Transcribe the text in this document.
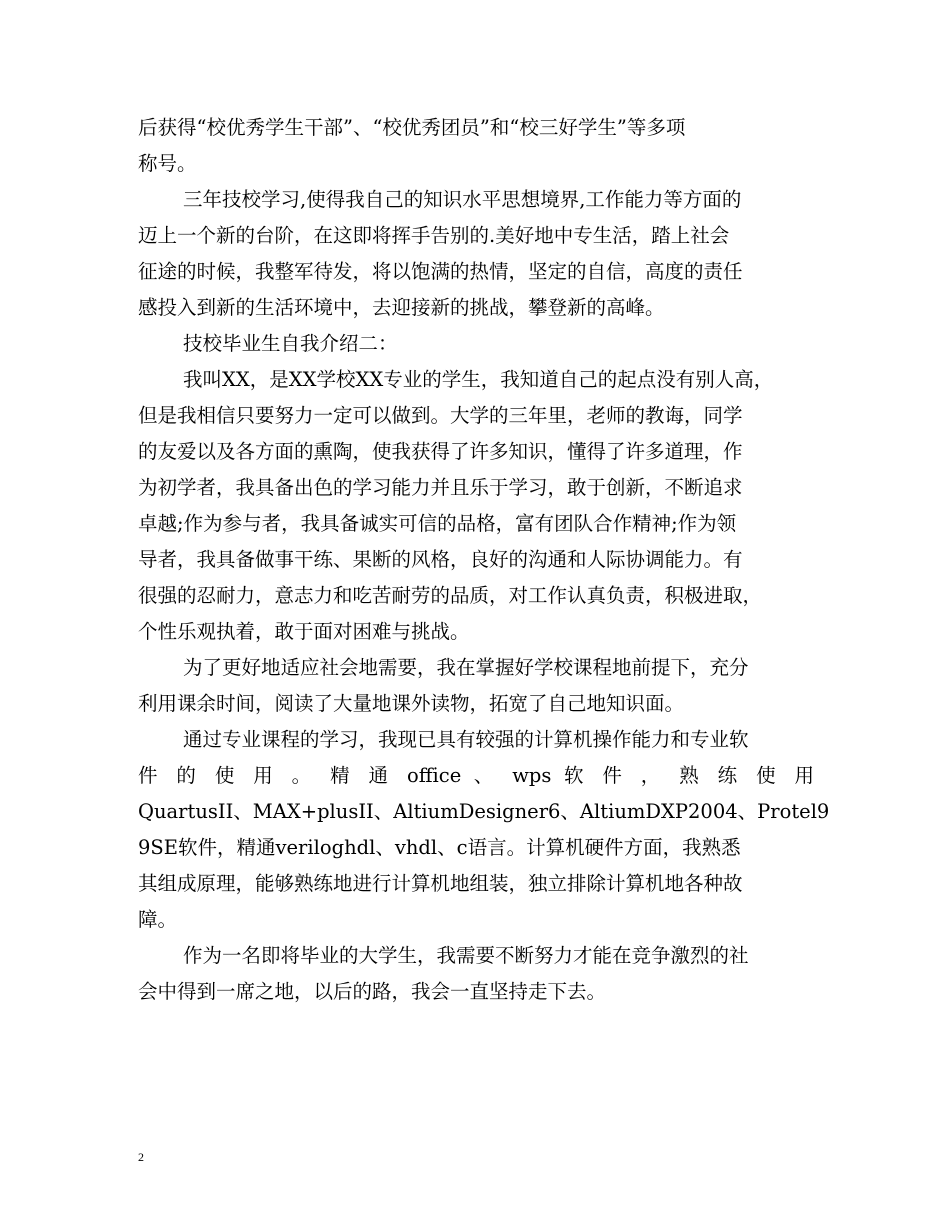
后获得“校优秀学生干部”、“校优秀团员”和“校三好学生”等多项
称号。
三年技校学习,使得我自己的知识水平思想境界,工作能力等方面的
迈上一个新的台阶，在这即将挥手告别的.美好地中专生活，踏上社会
征途的时候，我整军待发，将以饱满的热情，坚定的自信，高度的责任
感投入到新的生活环境中，去迎接新的挑战，攀登新的高峰。
技校毕业生自我介绍二：
我叫XX，是XX学校XX专业的学生，我知道自己的起点没有别人高，
但是我相信只要努力一定可以做到。大学的三年里，老师的教诲，同学
的友爱以及各方面的熏陶，使我获得了许多知识，懂得了许多道理，作
为初学者，我具备出色的学习能力并且乐于学习，敢于创新，不断追求
卓越;作为参与者，我具备诚实可信的品格，富有团队合作精神;作为领
导者，我具备做事干练、果断的风格，良好的沟通和人际协调能力。有
很强的忍耐力，意志力和吃苦耐劳的品质，对工作认真负责，积极进取，
个性乐观执着，敢于面对困难与挑战。
为了更好地适应社会地需要，我在掌握好学校课程地前提下，充分
利用课余时间，阅读了大量地课外读物，拓宽了自己地知识面。
通过专业课程的学习，我现已具有较强的计算机操作能力和专业软
件 的 使 用 。 精 通 office 、 wps 软 件 ， 熟 练 使 用
QuartusII、MAX+plusII、AltiumDesigner6、AltiumDXP2004、Protel9
9SE软件，精通veriloghdl、vhdl、c语言。计算机硬件方面，我熟悉
其组成原理，能够熟练地进行计算机地组装，独立排除计算机地各种故
障。
作为一名即将毕业的大学生，我需要不断努力才能在竞争激烈的社
会中得到一席之地，以后的路，我会一直坚持走下去。
2
